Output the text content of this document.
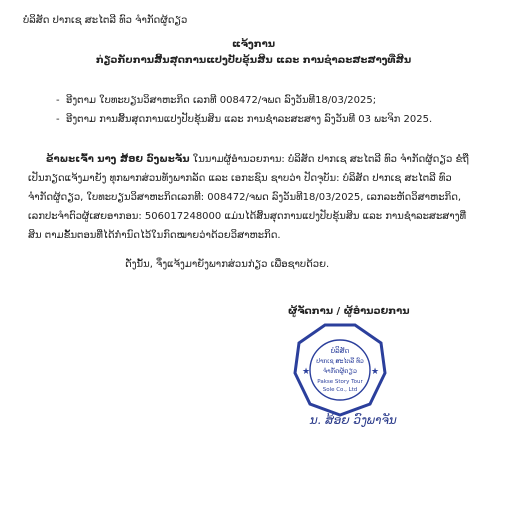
ບໍລິສັດ ປາກເຊ ສະໄຕລີ ທົວ ຈຳກັດຜູ້ດຽວ

ແຈ້ງການ

ກ່ຽວກັບການສິ້ນສຸດການແປງປັບຂຸ້ນສິນ ແລະ ການຊຳລະສະສາງທີ່ສິນ

- ອີງຕາມ ໃບທະບຽນວິສາຫະກິດ ເລກທີ 008472/ຈພດ ລົງວັນທີ18/03/2025;

- ອີງຕາມ ການສິ້ນສຸດການແປງປັບຂຸ້ນສິນ ແລະ ການຊຳລະສະສາງ ລົງວັນທີ 03 ພະຈິກ 2025.

ຂ້າພະເຈົ້າ ນາງ ສ້ອຍ ວົງພະຈັນ ໃນນາມຜູ້ອຳນວຍການ: ບໍລິສັດ ປາກເຊ ສະໄຕລີ ທົວ ຈຳກັດຜູ້ດຽວ ຂໍຖື

ເປັນກຽດແຈ້ງມາຍັງ ທຸກພາກສ່ວນທັງພາກລັດ ແລະ ເອກະຊົນ ຊາບວ່າ ປັດຈຸບັນ: ບໍລິສັດ ປາກເຊ ສະໄຕລີ ທົວ

ຈຳກັດຜູ້ດຽວ, ໃບທະບຽນວິສາຫະກິດເລກທີ: 008472/ຈພດ ລົງວັນທີ18/03/2025, ເລກລະຫັດວິສາຫະກິດ,

ເລກປະຈຳຕົວຜູ້ເສຍອາກອນ: 506017248000 ແມ່ນໄດ້ສິ້ນສຸດການແປງປັບຂຸ້ນສິນ ແລະ ການຊຳລະສະສາງທີ່

ສິນ ຕາມຂັ້ນຕອນທີ່ໄດ້ກຳນົດໄວ້ໃນກົດໝາຍວ່າດ້ວຍວິສາຫະກິດ.

ດັ່ງນັ້ນ, ຈຶ່ງແຈ້ງມາຍັງພາກສ່ວນກ່ຽວ ເພື່ອຊາບດ້ວຍ.

ຜູ້ຈັດການ / ຜູ້ອຳນວຍການ

★	★
ບໍລິສັດ
ປາກເຊ ສະໄຕລີ ທົວ
ຈຳກັດຜູ້ດຽວ
Pakse Story Tour
Sole Co., Ltd

ນ. ສ້ອຍ ວົງພາຈັນ
